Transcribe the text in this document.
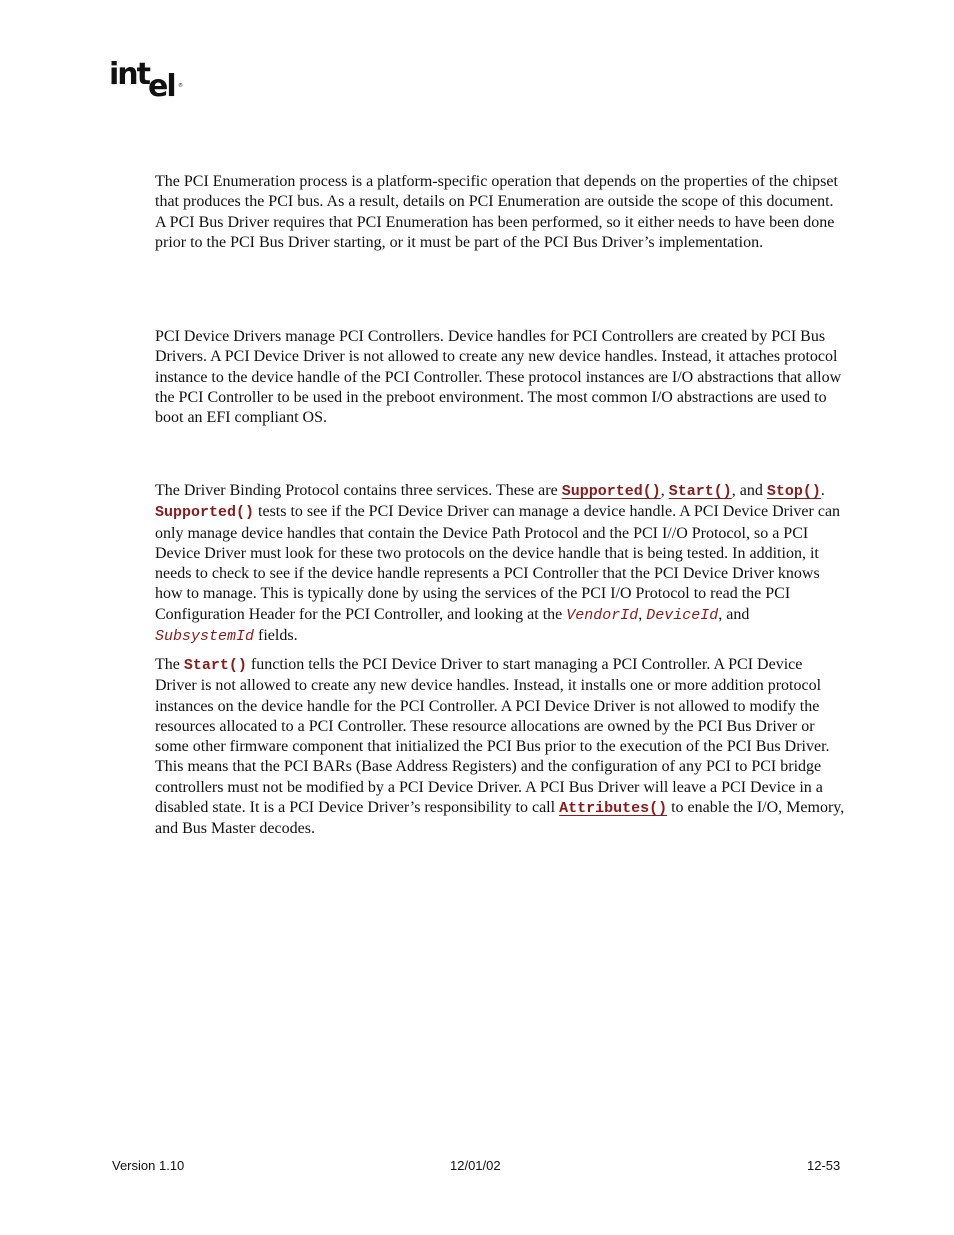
int el ®

The PCI Enumeration process is a platform-specific operation that depends on the properties of the chipset that produces the PCI bus. As a result, details on PCI Enumeration are outside the scope of this document. A PCI Bus Driver requires that PCI Enumeration has been performed, so it either needs to have been done prior to the PCI Bus Driver starting, or it must be part of the PCI Bus Driver’s implementation.

PCI Device Drivers manage PCI Controllers. Device handles for PCI Controllers are created by PCI Bus Drivers. A PCI Device Driver is not allowed to create any new device handles. Instead, it attaches protocol instance to the device handle of the PCI Controller. These protocol instances are I/O abstractions that allow the PCI Controller to be used in the preboot environment. The most common I/O abstractions are used to boot an EFI compliant OS.

The Driver Binding Protocol contains three services. These are Supported(), Start(), and Stop(). Supported() tests to see if the PCI Device Driver can manage a device handle. A PCI Device Driver can only manage device handles that contain the Device Path Protocol and the PCI I//O Protocol, so a PCI Device Driver must look for these two protocols on the device handle that is being tested. In addition, it needs to check to see if the device handle represents a PCI Controller that the PCI Device Driver knows how to manage. This is typically done by using the services of the PCI I/O Protocol to read the PCI Configuration Header for the PCI Controller, and looking at the VendorId, DeviceId, and SubsystemId fields.

The Start() function tells the PCI Device Driver to start managing a PCI Controller. A PCI Device Driver is not allowed to create any new device handles. Instead, it installs one or more addition protocol instances on the device handle for the PCI Controller. A PCI Device Driver is not allowed to modify the resources allocated to a PCI Controller. These resource allocations are owned by the PCI Bus Driver or some other firmware component that initialized the PCI Bus prior to the execution of the PCI Bus Driver. This means that the PCI BARs (Base Address Registers) and the configuration of any PCI to PCI bridge controllers must not be modified by a PCI Device Driver. A PCI Bus Driver will leave a PCI Device in a disabled state. It is a PCI Device Driver’s responsibility to call Attributes() to enable the I/O, Memory, and Bus Master decodes.

Version 1.10	12/01/02	12-53
